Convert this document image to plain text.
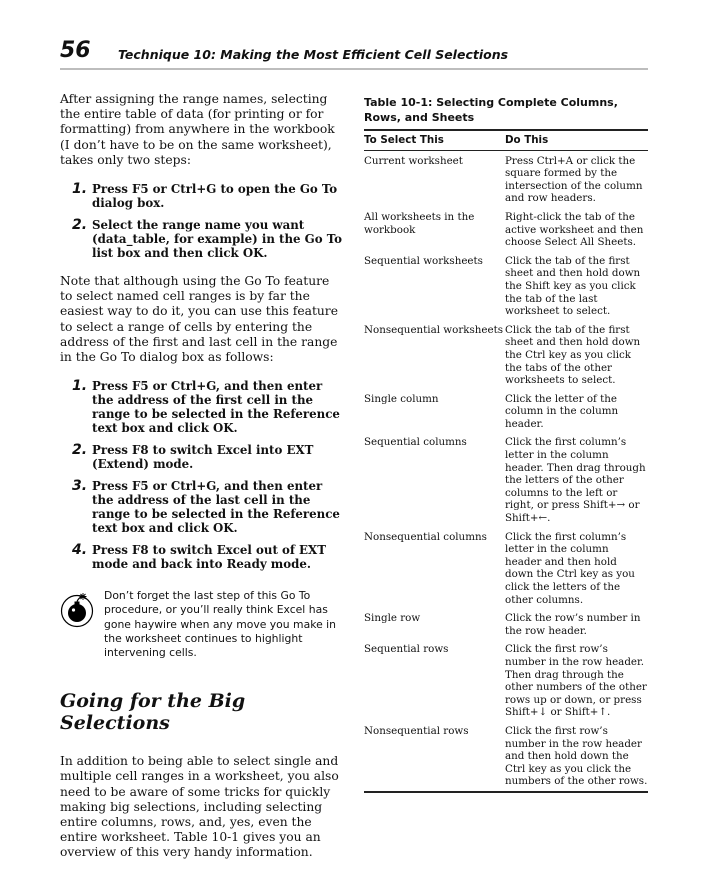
56 Technique 10: Making the Most Efficient Cell Selections

After assigning the range names, selecting the entire table of data (for printing or for formatting) from anywhere in the workbook (I don’t have to be on the same worksheet), takes only two steps:

1. Press F5 or Ctrl+G to open the Go To dialog box.
2. Select the range name you want (data_table, for example) in the Go To list box and then click OK.

Note that although using the Go To feature to select named cell ranges is by far the easiest way to do it, you can use this feature to select a range of cells by entering the address of the first and last cell in the range in the Go To dialog box as follows:

1. Press F5 or Ctrl+G, and then enter the address of the first cell in the range to be selected in the Reference text box and click OK.
2. Press F8 to switch Excel into EXT (Extend) mode.
3. Press F5 or Ctrl+G, and then enter the address of the last cell in the range to be selected in the Reference text box and click OK.
4. Press F8 to switch Excel out of EXT mode and back into Ready mode.
Don’t forget the last step of this Go To procedure, or you’ll really think Excel has gone haywire when any move you make in the worksheet continues to highlight intervening cells.
Going for the Big Selections

In addition to being able to select single and multiple cell ranges in a worksheet, you also need to be aware of some tricks for quickly making big selections, including selecting entire columns, rows, and, yes, even the entire worksheet. Table 10-1 gives you an overview of this very handy information.

Table 10-1: Selecting Complete Columns, Rows, and Sheets
To Select This	Do This
Current worksheet	Press Ctrl+A or click the square formed by the intersection of the column and row headers.
All worksheets in the workbook	Right-click the tab of the active worksheet and then choose Select All Sheets.
Sequential worksheets	Click the tab of the first sheet and then hold down the Shift key as you click the tab of the last worksheet to select.
Nonsequential worksheets	Click the tab of the first sheet and then hold down the Ctrl key as you click the tabs of the other worksheets to select.
Single column	Click the letter of the column in the column header.
Sequential columns	Click the first column’s letter in the column header. Then drag through the letters of the other columns to the left or right, or press Shift+→ or Shift+←.
Nonsequential columns	Click the first column’s letter in the column header and then hold down the Ctrl key as you click the letters of the other columns.
Single row	Click the row’s number in the row header.
Sequential rows	Click the first row’s number in the row header. Then drag through the other numbers of the other rows up or down, or press Shift+↓ or Shift+↑.
Nonsequential rows	Click the first row’s number in the row header and then hold down the Ctrl key as you click the numbers of the other rows.
